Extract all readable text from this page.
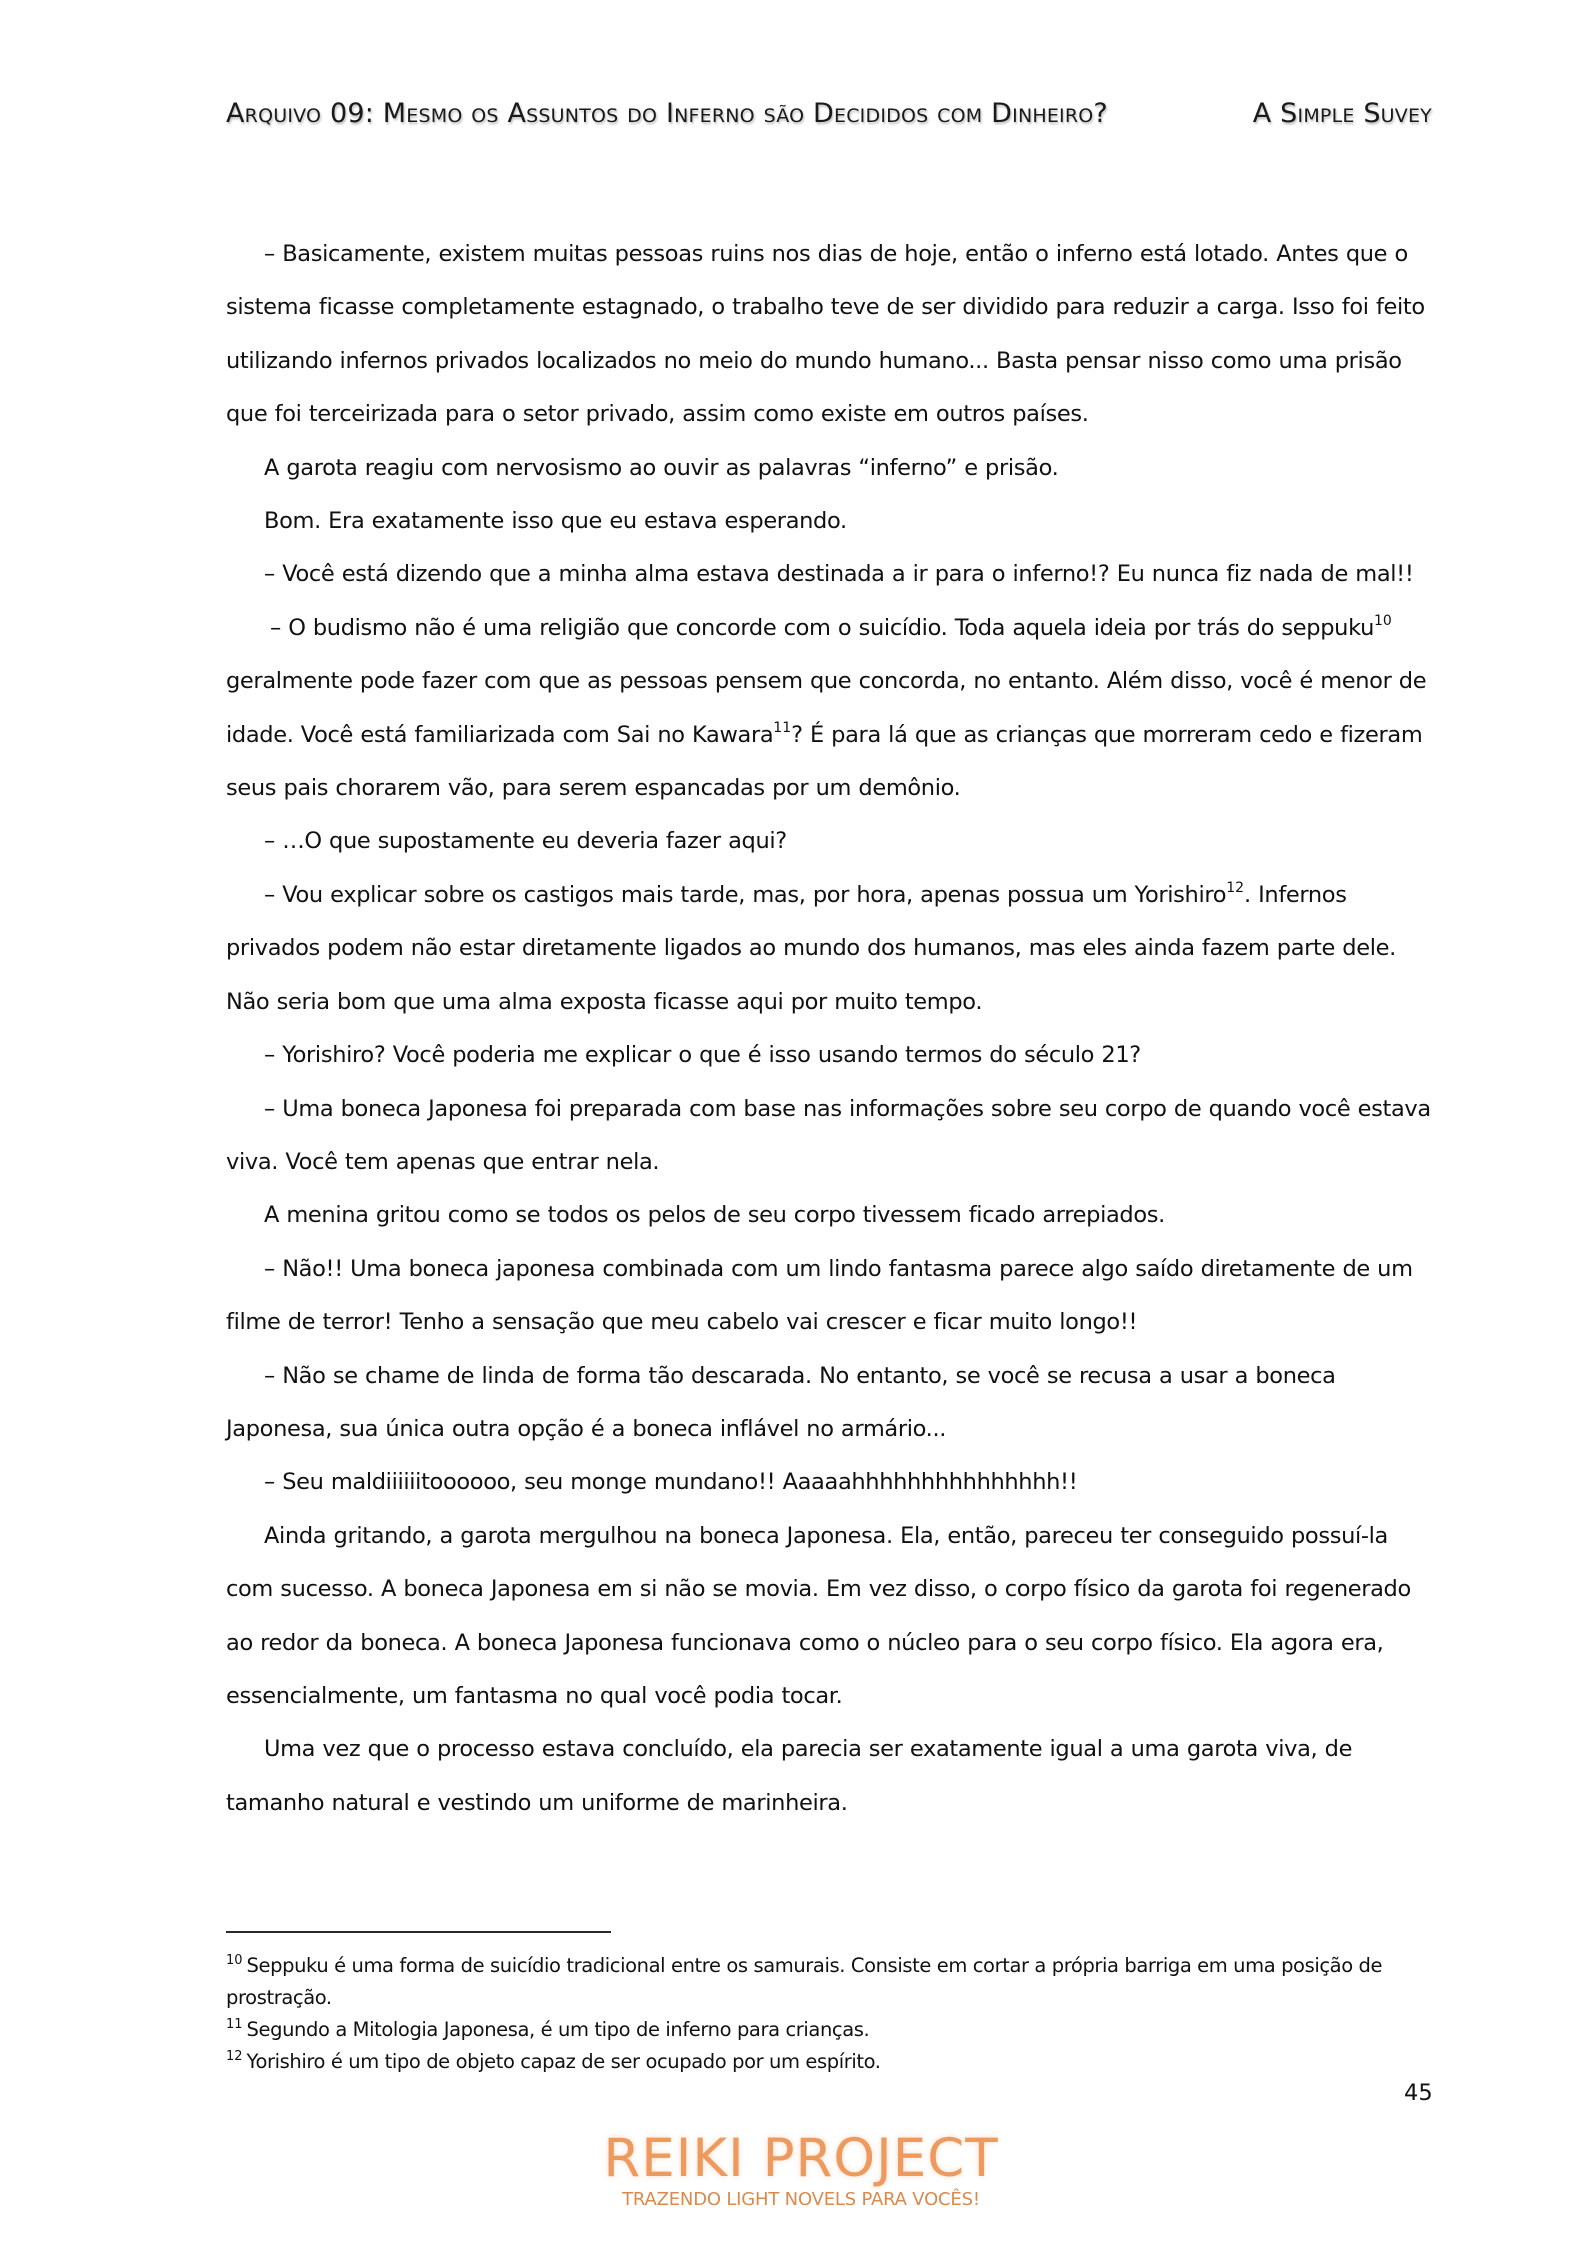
Arquivo 09: Mesmo os Assuntos do Inferno são Decididos com Dinheiro?	A Simple Suvey

– Basicamente, existem muitas pessoas ruins nos dias de hoje, então o inferno está lotado. Antes que o sistema ficasse completamente estagnado, o trabalho teve de ser dividido para reduzir a carga. Isso foi feito utilizando infernos privados localizados no meio do mundo humano... Basta pensar nisso como uma prisão que foi terceirizada para o setor privado, assim como existe em outros países.

A garota reagiu com nervosismo ao ouvir as palavras “inferno” e prisão.

Bom. Era exatamente isso que eu estava esperando.

– Você está dizendo que a minha alma estava destinada a ir para o inferno!? Eu nunca fiz nada de mal!!

– O budismo não é uma religião que concorde com o suicídio. Toda aquela ideia por trás do seppuku$^{10}$ geralmente pode fazer com que as pessoas pensem que concorda, no entanto. Além disso, você é menor de idade. Você está familiarizada com Sai no Kawara$^{11}$? É para lá que as crianças que morreram cedo e fizeram seus pais chorarem vão, para serem espancadas por um demônio.

– …O que supostamente eu deveria fazer aqui?

– Vou explicar sobre os castigos mais tarde, mas, por hora, apenas possua um Yorishiro$^{12}$. Infernos privados podem não estar diretamente ligados ao mundo dos humanos, mas eles ainda fazem parte dele. Não seria bom que uma alma exposta ficasse aqui por muito tempo.

– Yorishiro? Você poderia me explicar o que é isso usando termos do século 21?

– Uma boneca Japonesa foi preparada com base nas informações sobre seu corpo de quando você estava viva. Você tem apenas que entrar nela.

A menina gritou como se todos os pelos de seu corpo tivessem ficado arrepiados.

– Não!! Uma boneca japonesa combinada com um lindo fantasma parece algo saído diretamente de um filme de terror! Tenho a sensação que meu cabelo vai crescer e ficar muito longo!!

– Não se chame de linda de forma tão descarada. No entanto, se você se recusa a usar a boneca Japonesa, sua única outra opção é a boneca inflável no armário...

– Seu maldiiiiiitoooooo, seu monge mundano!! Aaaaahhhhhhhhhhhhhhh!!

Ainda gritando, a garota mergulhou na boneca Japonesa. Ela, então, pareceu ter conseguido possuí-la com sucesso. A boneca Japonesa em si não se movia. Em vez disso, o corpo físico da garota foi regenerado ao redor da boneca. A boneca Japonesa funcionava como o núcleo para o seu corpo físico. Ela agora era, essencialmente, um fantasma no qual você podia tocar.

Uma vez que o processo estava concluído, ela parecia ser exatamente igual a uma garota viva, de tamanho natural e vestindo um uniforme de marinheira.

$^{10}$ Seppuku é uma forma de suicídio tradicional entre os samurais. Consiste em cortar a própria barriga em uma posição de prostração.

$^{11}$ Segundo a Mitologia Japonesa, é um tipo de inferno para crianças.

$^{12}$ Yorishiro é um tipo de objeto capaz de ser ocupado por um espírito.

45
REIKI PROJECT
TRAZENDO LIGHT NOVELS PARA VOCÊS!
